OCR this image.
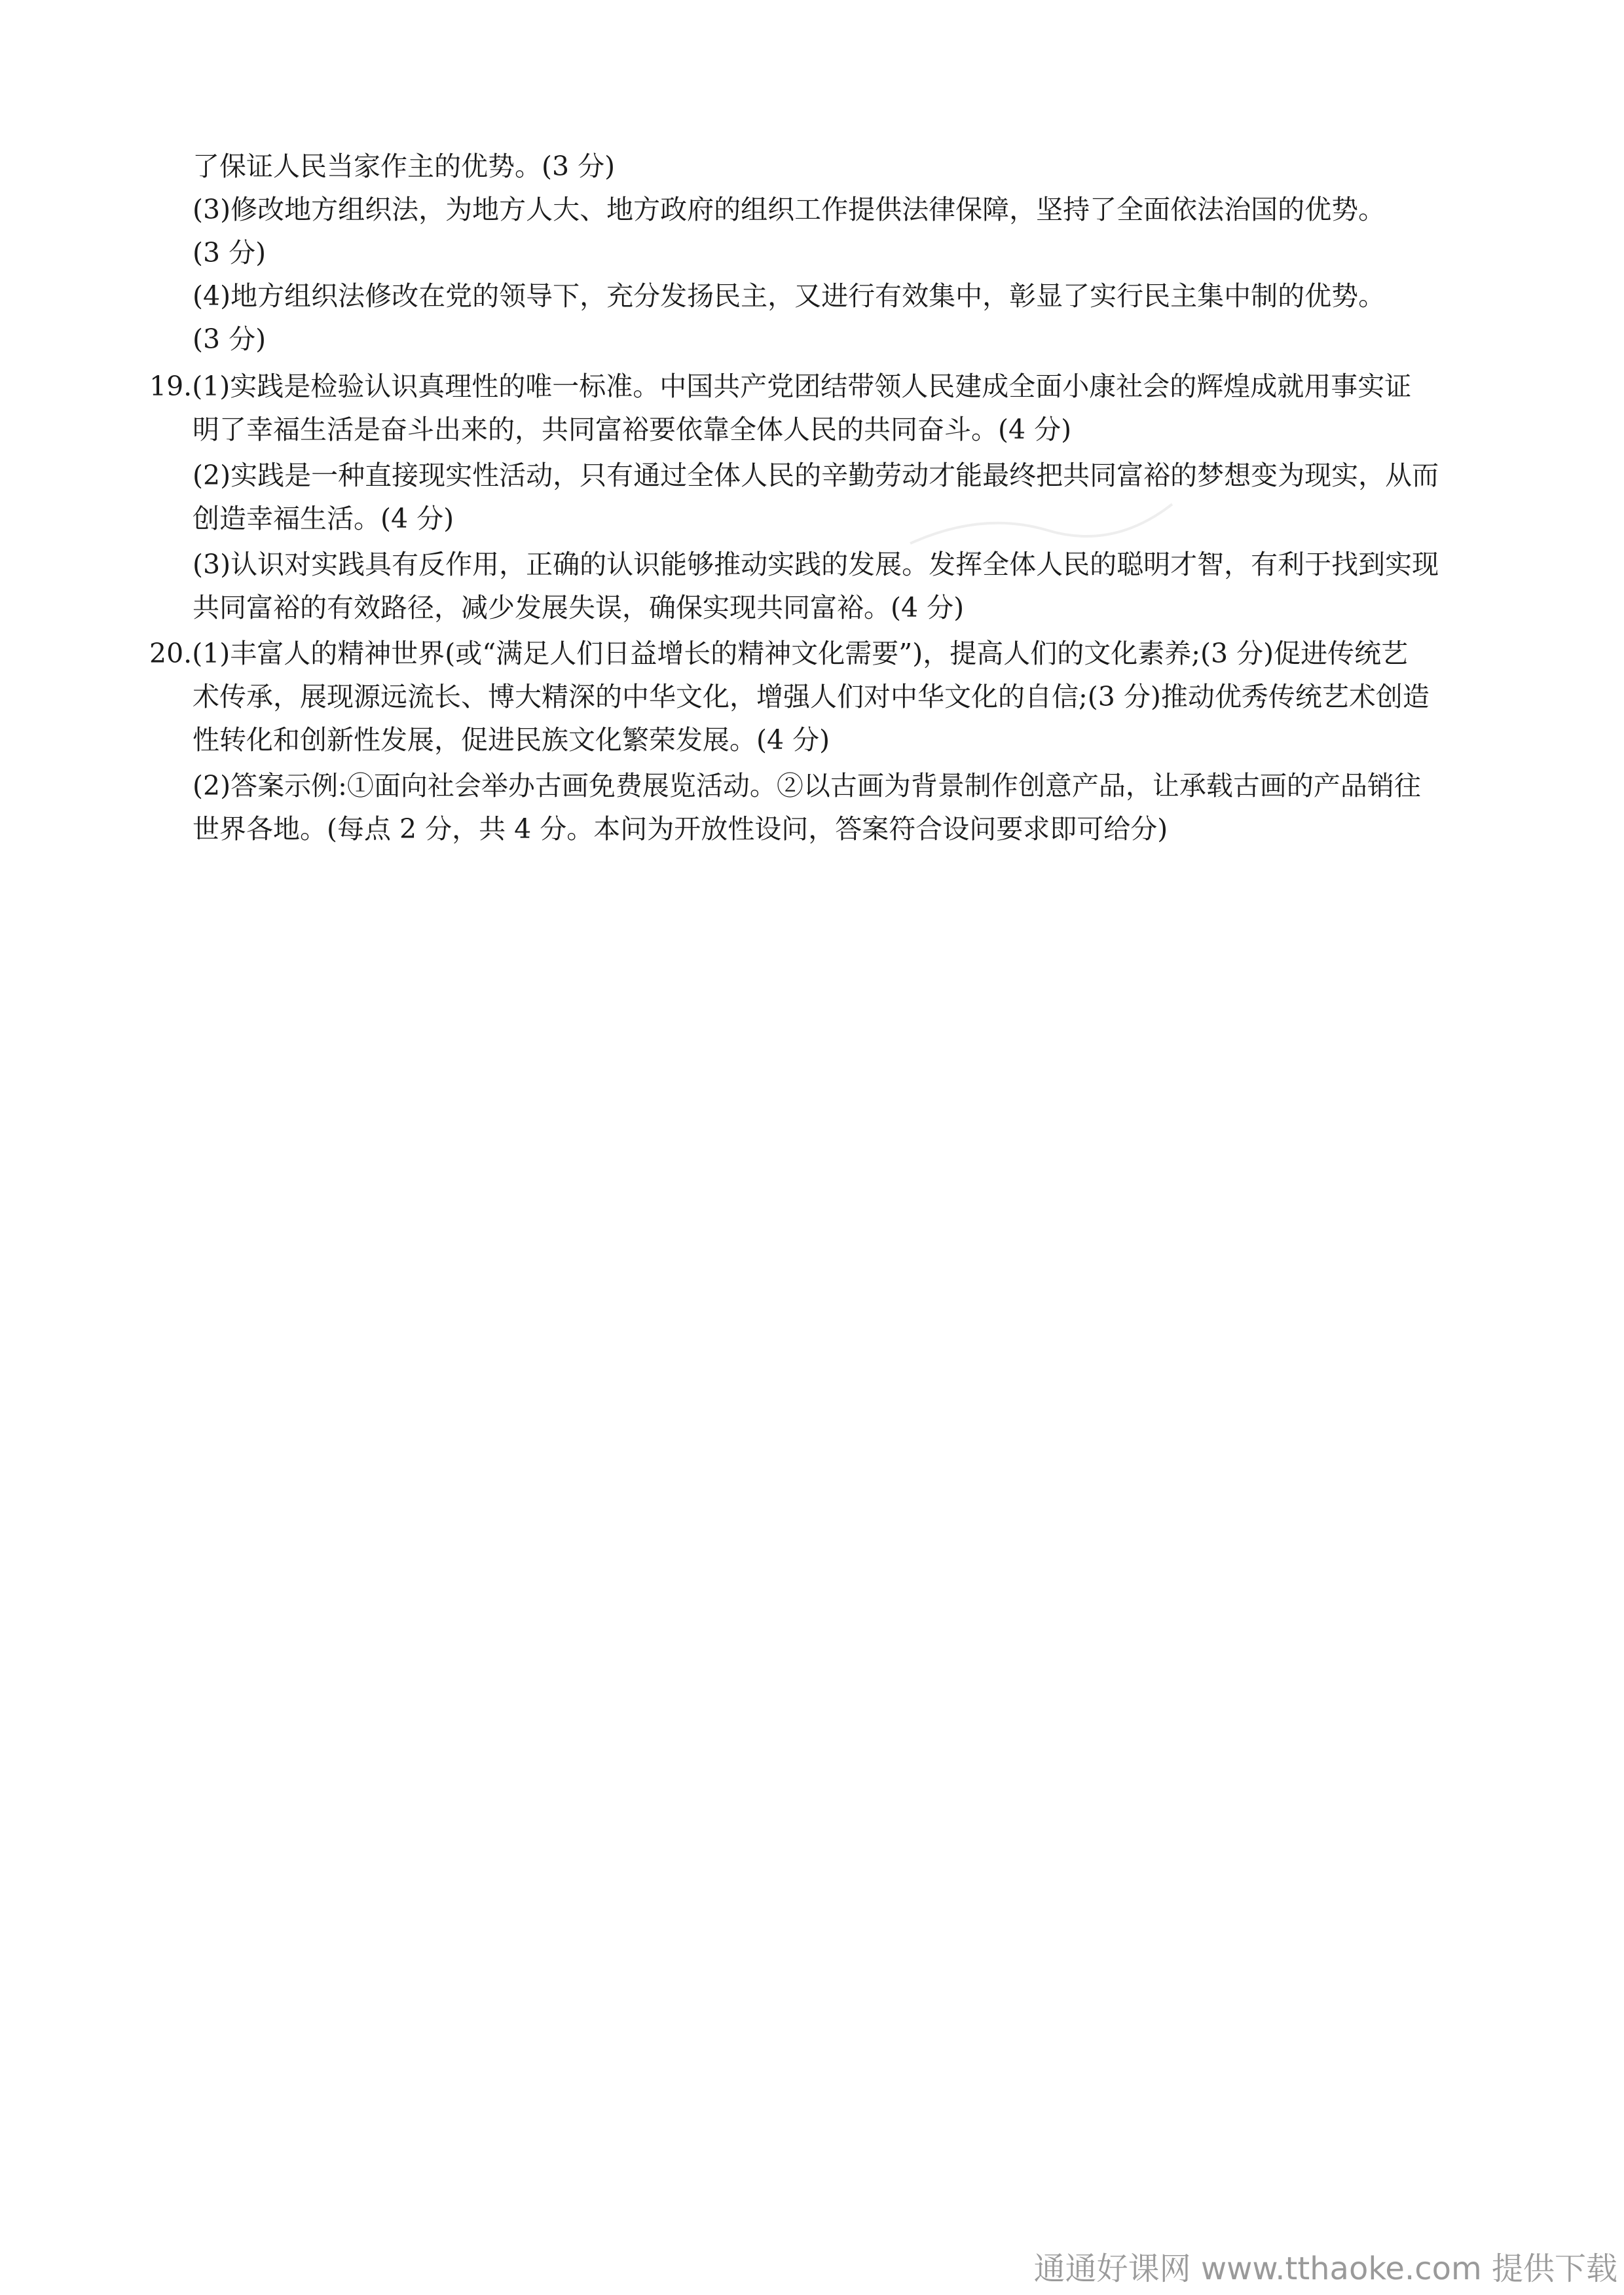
了保证人民当家作主的优势。(3 分)
(3)修改地方组织法，为地方人大、地方政府的组织工作提供法律保障，坚持了全面依法治国的优势。
(3 分)
(4)地方组织法修改在党的领导下，充分发扬民主，又进行有效集中，彰显了实行民主集中制的优势。
(3 分)
19.(1)实践是检验认识真理性的唯一标准。中国共产党团结带领人民建成全面小康社会的辉煌成就用事实证
明了幸福生活是奋斗出来的，共同富裕要依靠全体人民的共同奋斗。(4 分)
(2)实践是一种直接现实性活动，只有通过全体人民的辛勤劳动才能最终把共同富裕的梦想变为现实，从而
创造幸福生活。(4 分)
(3)认识对实践具有反作用，正确的认识能够推动实践的发展。发挥全体人民的聪明才智，有利于找到实现
共同富裕的有效路径，减少发展失误，确保实现共同富裕。(4 分)
20.(1)丰富人的精神世界(或“满足人们日益增长的精神文化需要”)，提高人们的文化素养;(3 分)促进传统艺
术传承，展现源远流长、博大精深的中华文化，增强人们对中华文化的自信;(3 分)推动优秀传统艺术创造
性转化和创新性发展，促进民族文化繁荣发展。(4 分)
(2)答案示例:①面向社会举办古画免费展览活动。②以古画为背景制作创意产品，让承载古画的产品销往
世界各地。(每点 2 分，共 4 分。本问为开放性设问，答案符合设问要求即可给分)
通通好课网 www.tthaoke.com 提供下载
